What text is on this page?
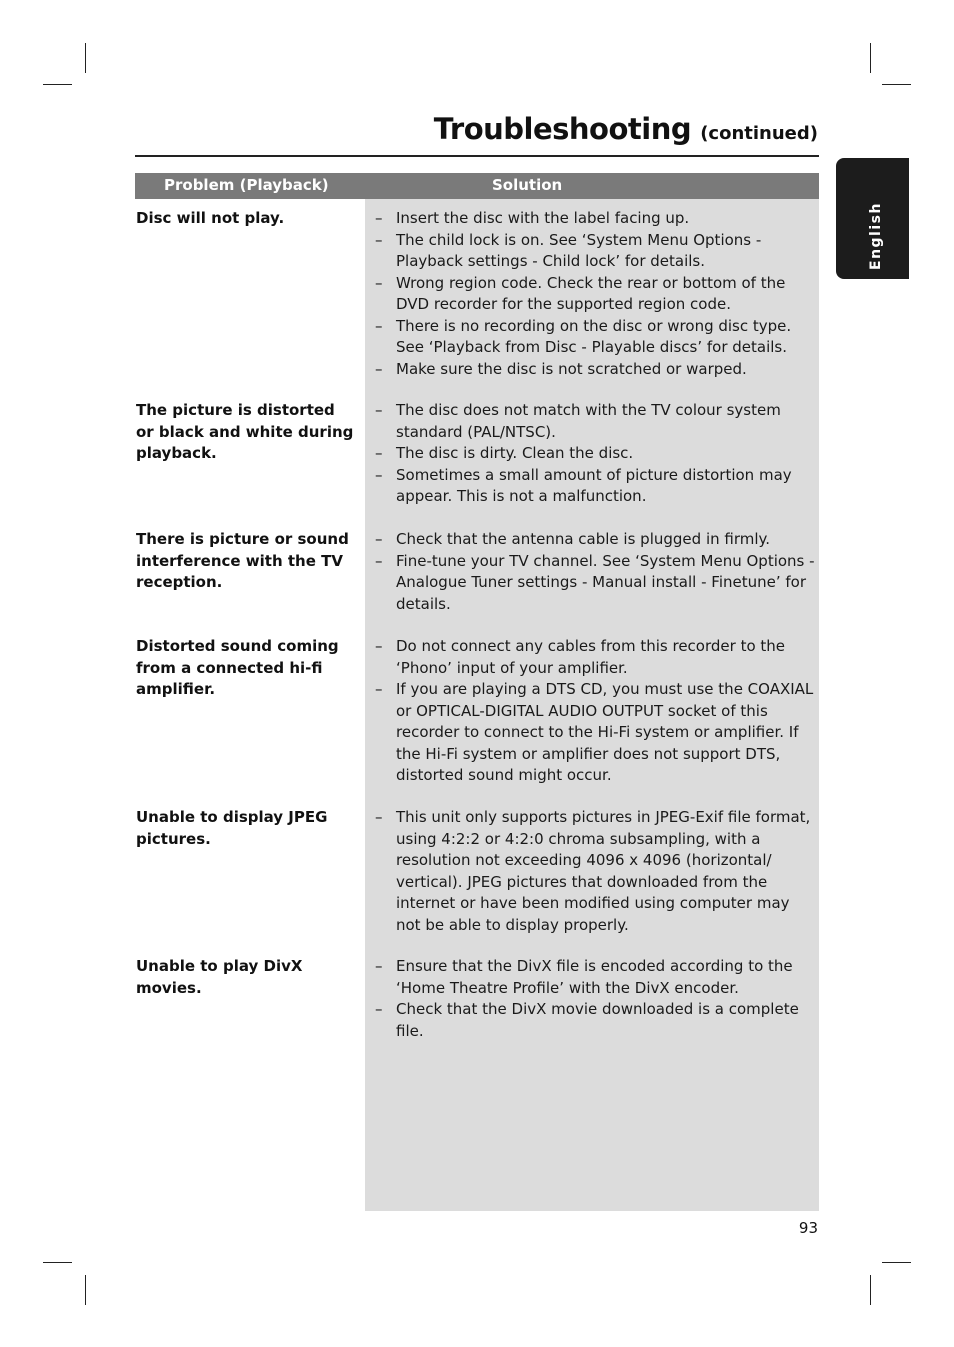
Troubleshooting (continued)
English
Problem (Playback)	Solution
Disc will not play.	– Insert the disc with the label facing up.
– The child lock is on. See ‘System Menu Options - Playback settings - Child lock’ for details.
– Wrong region code. Check the rear or bottom of the DVD recorder for the supported region code.
– There is no recording on the disc or wrong disc type. See ‘Playback from Disc - Playable discs’ for details.
– Make sure the disc is not scratched or warped.
The picture is distorted or black and white during playback.
– The disc does not match with the TV colour system standard (PAL/NTSC).
– The disc is dirty. Clean the disc.
– Sometimes a small amount of picture distortion may appear. This is not a malfunction.
There is picture or sound interference with the TV reception.
– Check that the antenna cable is plugged in firmly.
– Fine-tune your TV channel. See ‘System Menu Options - Analogue Tuner settings - Manual install - Finetune’ for details.
Distorted sound coming from a connected hi-fi amplifier.
– Do not connect any cables from this recorder to the ‘Phono’ input of your amplifier.
– If you are playing a DTS CD, you must use the COAXIAL or OPTICAL-DIGITAL AUDIO OUTPUT socket of this recorder to connect to the Hi-Fi system or amplifier. If the Hi-Fi system or amplifier does not support DTS, distorted sound might occur.
Unable to display JPEG pictures.
– This unit only supports pictures in JPEG-Exif file format, using 4:2:2 or 4:2:0 chroma subsampling, with a resolution not exceeding 4096 x 4096 (horizontal/ vertical). JPEG pictures that downloaded from the internet or have been modified using computer may not be able to display properly.
Unable to play DivX movies.
– Ensure that the DivX file is encoded according to the ‘Home Theatre Profile’ with the DivX encoder.
– Check that the DivX movie downloaded is a complete file.
93
